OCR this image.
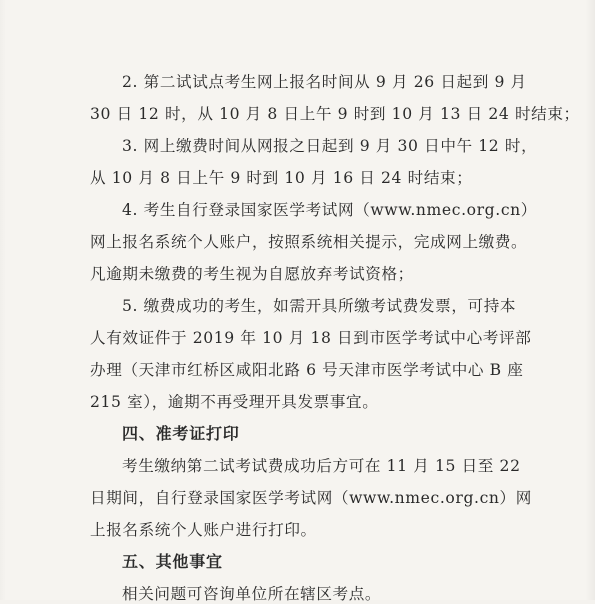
2. 第二试试点考生网上报名时间从 9 月 26 日起到 9 月
30 日 12 时，从 10 月 8 日上午 9 时到 10 月 13 日 24 时结束；
3. 网上缴费时间从网报之日起到 9 月 30 日中午 12 时，
从 10 月 8 日上午 9 时到 10 月 16 日 24 时结束；
4. 考生自行登录国家医学考试网（www.nmec.org.cn）
网上报名系统个人账户，按照系统相关提示，完成网上缴费。
凡逾期未缴费的考生视为自愿放弃考试资格；
5. 缴费成功的考生，如需开具所缴考试费发票，可持本
人有效证件于 2019 年 10 月 18 日到市医学考试中心考评部
办理（天津市红桥区咸阳北路 6 号天津市医学考试中心 B 座
215 室），逾期不再受理开具发票事宜。
四、准考证打印
考生缴纳第二试考试费成功后方可在 11 月 15 日至 22
日期间，自行登录国家医学考试网（www.nmec.org.cn）网
上报名系统个人账户进行打印。
五、其他事宜
相关问题可咨询单位所在辖区考点。
